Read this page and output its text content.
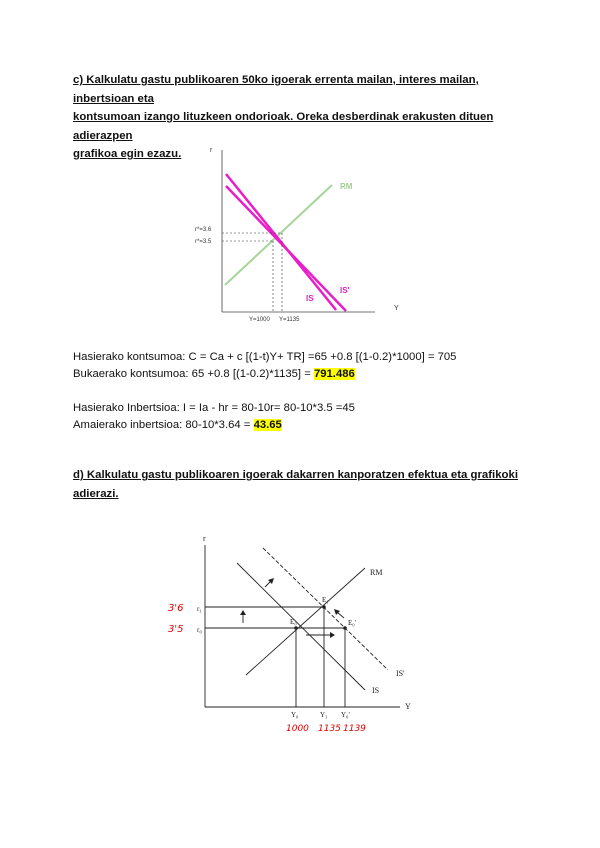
c) Kalkulatu gastu publikoaren 50ko igoerak errenta mailan, interes mailan, inbertsioan eta
kontsumoan izango lituzkeen ondorioak. Oreka desberdinak erakusten dituen adierazpen
grafikoa egin ezazu.	r
Y
r*=3.6
r*=3.5
Y=1000 Y=1135
RM
IS
IS'
Hasierako kontsumoa: C = Ca + c [(1-t)Y+ TR] =65 +0.8 [(1-0.2)*1000] = 705
Bukaerako kontsumoa: 65 +0.8 [(1-0.2)*1135] = 791.486
Hasierako Inbertsioa: I = Ia - hr = 80-10r= 80-10*3.5 =45
Amaierako inbertsioa: 80-10*3.64 = 43.65
d) Kalkulatu gastu publikoaren igoerak dakarren kanporatzen efektua eta grafikoki
adierazi.
r
Y
E₀
E₁
E₀'
RM
IS'
IS
r₁
r₀
Y₀	Y₁ Y₀'
3'6
3'5
1000 1135 1139
